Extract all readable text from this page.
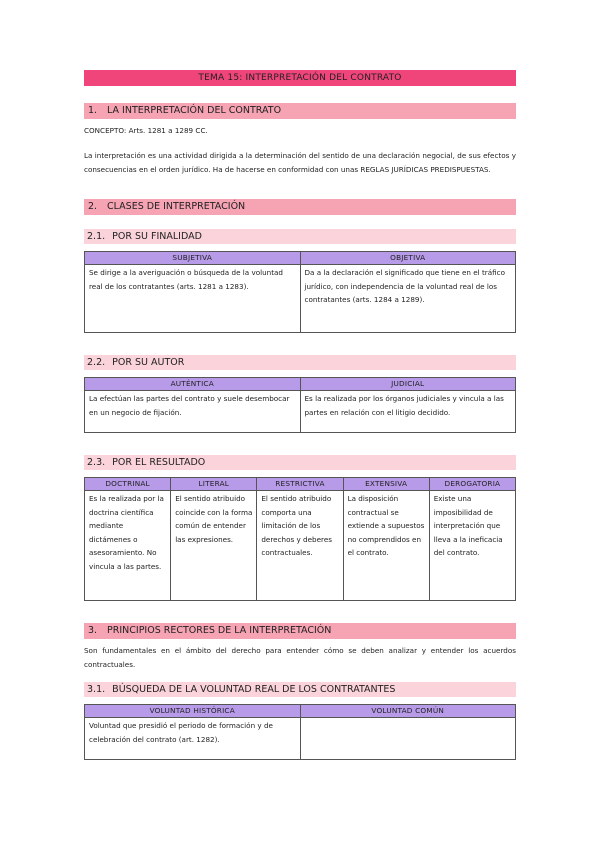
TEMA 15: INTERPRETACIÓN DEL CONTRATO
1. LA INTERPRETACIÓN DEL CONTRATO
CONCEPTO: Arts. 1281 a 1289 CC.
La interpretación es una actividad dirigida a la determinación del sentido de una declaración negocial, de sus efectos y consecuencias en el orden jurídico. Ha de hacerse en conformidad con unas REGLAS JURÍDICAS PREDISPUESTAS.
2. CLASES DE INTERPRETACIÓN
2.1. POR SU FINALIDAD
SUBJETIVA	OBJETIVA
Se dirige a la averiguación o búsqueda de la voluntad real de los contratantes (arts. 1281 a 1283).	Da a la declaración el significado que tiene en el tráfico jurídico, con independencia de la voluntad real de los contratantes (arts. 1284 a 1289).
2.2. POR SU AUTOR
AUTÉNTICA	JUDICIAL
La efectúan las partes del contrato y suele desembocar en un negocio de fijación.	Es la realizada por los órganos judiciales y vincula a las partes en relación con el litigio decidido.
2.3. POR EL RESULTADO
DOCTRINAL	LITERAL	RESTRICTIVA	EXTENSIVA	DEROGATORIA
Es la realizada por la doctrina científica mediante dictámenes o asesoramiento. No vincula a las partes.	El sentido atribuido coincide con la forma común de entender las expresiones.	El sentido atribuido comporta una limitación de los derechos y deberes contractuales.	La disposición contractual se extiende a supuestos no comprendidos en el contrato.	Existe una imposibilidad de interpretación que lleva a la ineficacia del contrato.
3. PRINCIPIOS RECTORES DE LA INTERPRETACIÓN
Son fundamentales en el ámbito del derecho para entender cómo se deben analizar y entender los acuerdos contractuales.
3.1. BÚSQUEDA DE LA VOLUNTAD REAL DE LOS CONTRATANTES
VOLUNTAD HISTÓRICA	VOLUNTAD COMÚN
Voluntad que presidió el periodo de formación y de celebración del contrato (art. 1282).	
